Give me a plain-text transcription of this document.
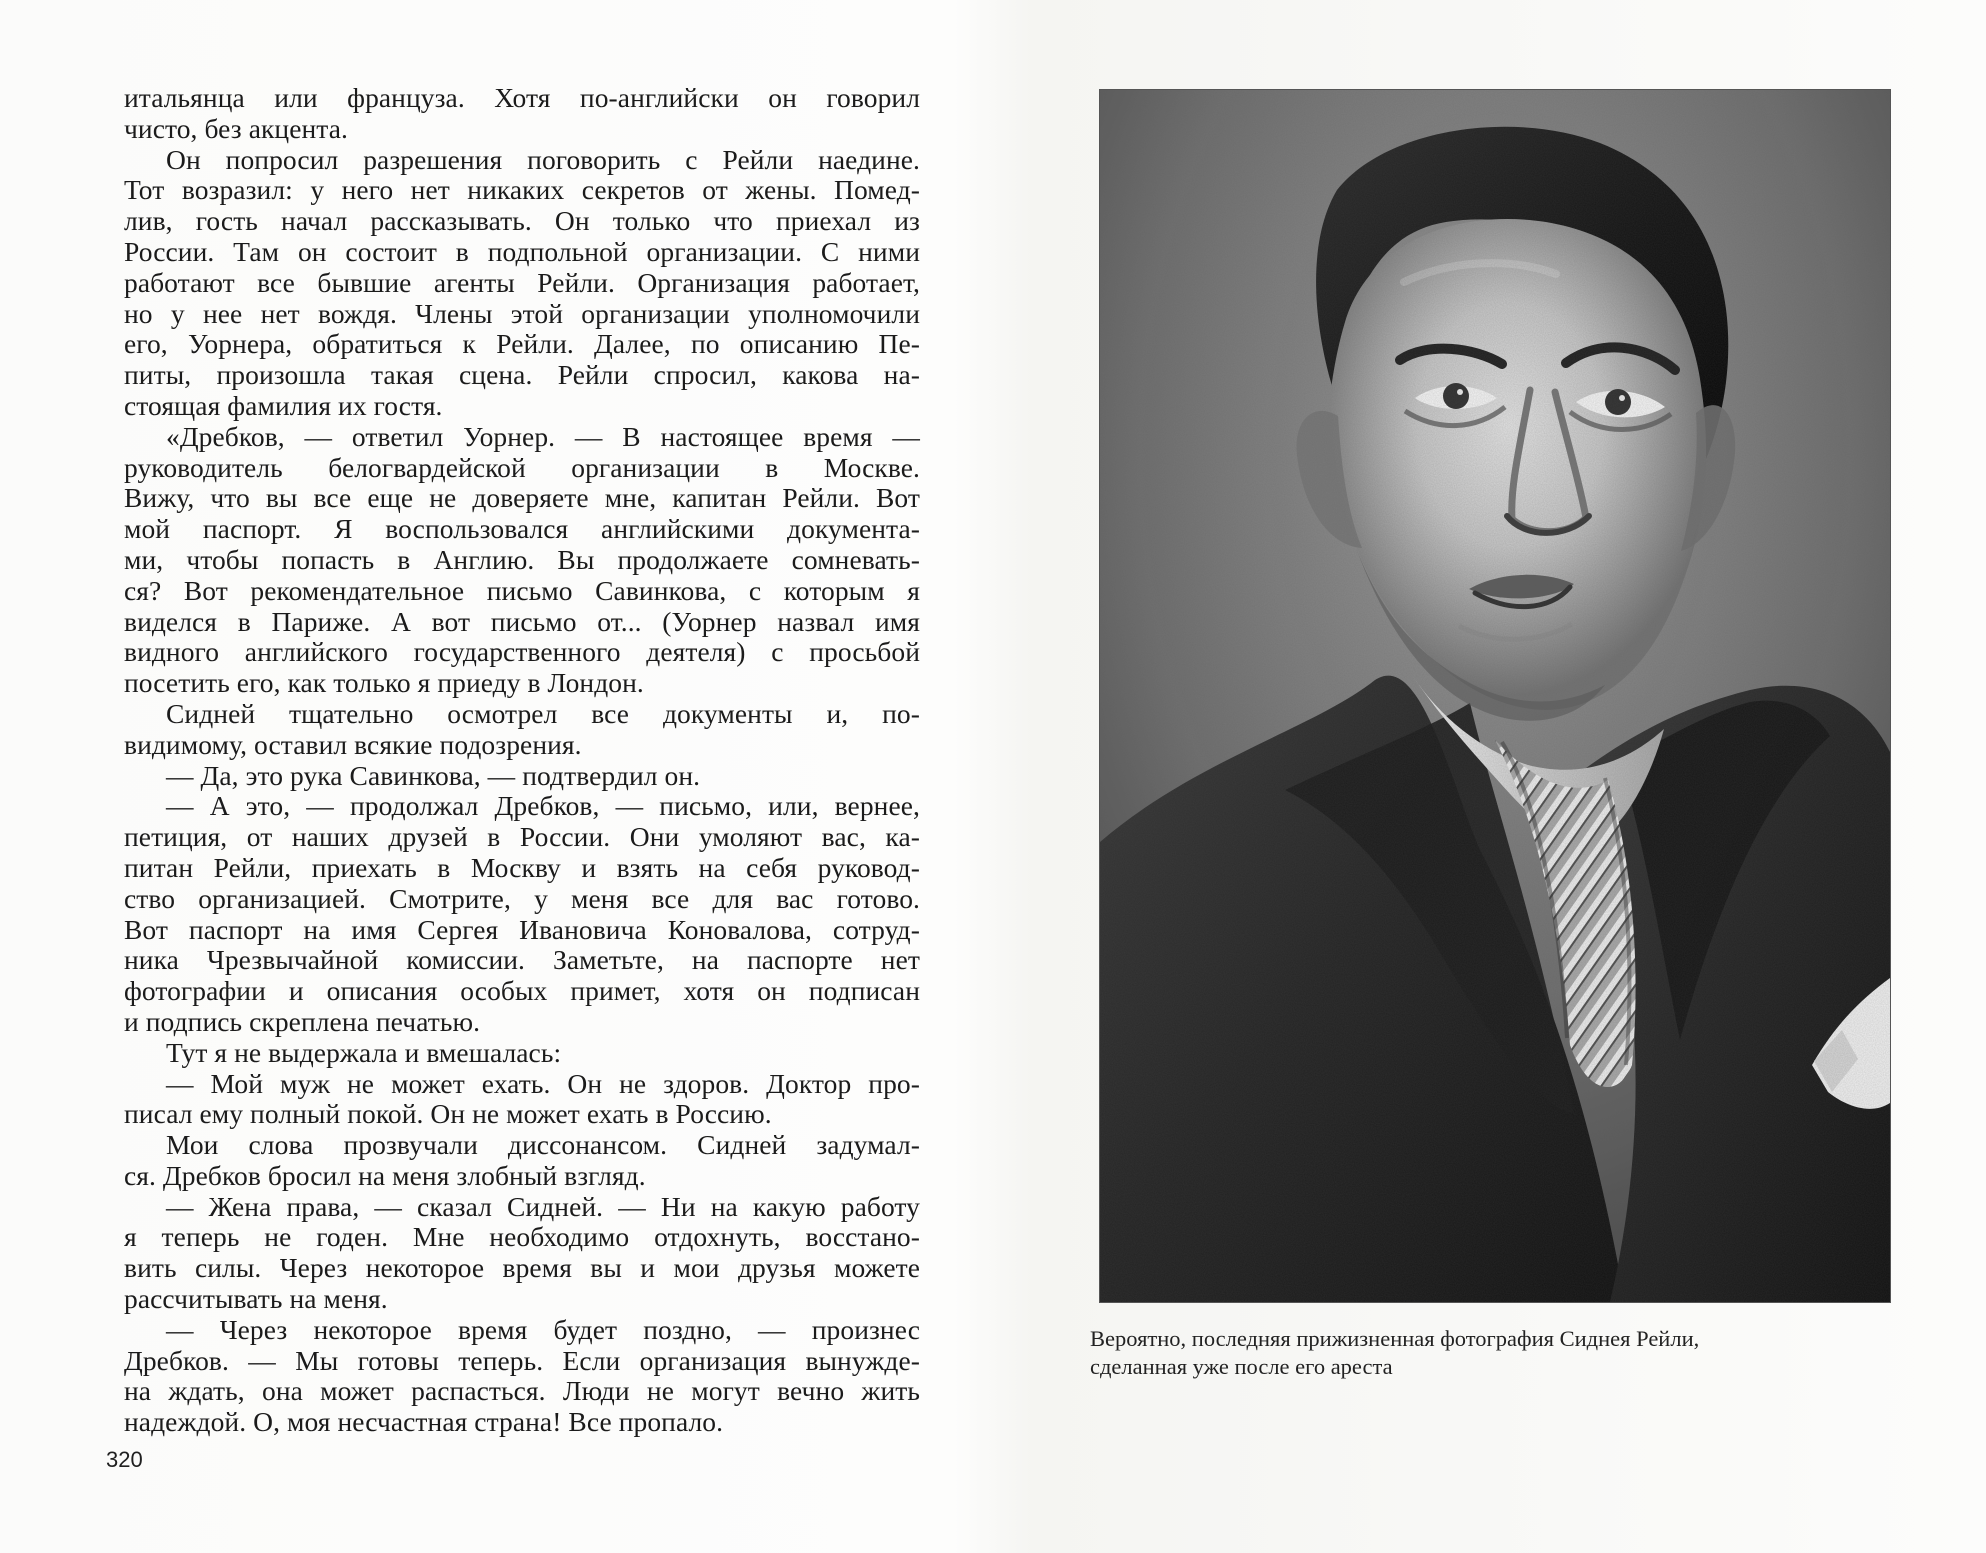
итальянца или француза. Хотя по-английски он говорил
чисто, без акцента.
Он попросил разрешения поговорить с Рейли наедине.
Тот возразил: у него нет никаких секретов от жены. Помед-
лив, гость начал рассказывать. Он только что приехал из
России. Там он состоит в подпольной организации. С ними
работают все бывшие агенты Рейли. Организация работает,
но у нее нет вождя. Члены этой организации уполномочили
его, Уорнера, обратиться к Рейли. Далее, по описанию Пе-
питы, произошла такая сцена. Рейли спросил, какова на-
стоящая фамилия их гостя.
«Дребков, — ответил Уорнер. — В настоящее время —
руководитель белогвардейской организации в Москве.
Вижу, что вы все еще не доверяете мне, капитан Рейли. Вот
мой паспорт. Я воспользовался английскими документа-
ми, чтобы попасть в Англию. Вы продолжаете сомневать-
ся? Вот рекомендательное письмо Савинкова, с которым я
виделся в Париже. А вот письмо от... (Уорнер назвал имя
видного английского государственного деятеля) с просьбой
посетить его, как только я приеду в Лондон.
Сидней тщательно осмотрел все документы и, по-
видимому, оставил всякие подозрения.
— Да, это рука Савинкова, — подтвердил он.
— А это, — продолжал Дребков, — письмо, или, вернее,
петиция, от наших друзей в России. Они умоляют вас, ка-
питан Рейли, приехать в Москву и взять на себя руковод-
ство организацией. Смотрите, у меня все для вас готово.
Вот паспорт на имя Сергея Ивановича Коновалова, сотруд-
ника Чрезвычайной комиссии. Заметьте, на паспорте нет
фотографии и описания особых примет, хотя он подписан
и подпись скреплена печатью.
Тут я не выдержала и вмешалась:
— Мой муж не может ехать. Он не здоров. Доктор про-
писал ему полный покой. Он не может ехать в Россию.
Мои слова прозвучали диссонансом. Сидней задумал-
ся. Дребков бросил на меня злобный взгляд.
— Жена права, — сказал Сидней. — Ни на какую работу
я теперь не годен. Мне необходимо отдохнуть, восстано-
вить силы. Через некоторое время вы и мои друзья можете
рассчитывать на меня.
— Через некоторое время будет поздно, — произнес
Дребков. — Мы готовы теперь. Если организация вынужде-
на ждать, она может распасться. Люди не могут вечно жить
надеждой. О, моя несчастная страна! Все пропало.
320
Вероятно, последняя прижизненная фотография Сиднея Рейли,
сделанная уже после его ареста
